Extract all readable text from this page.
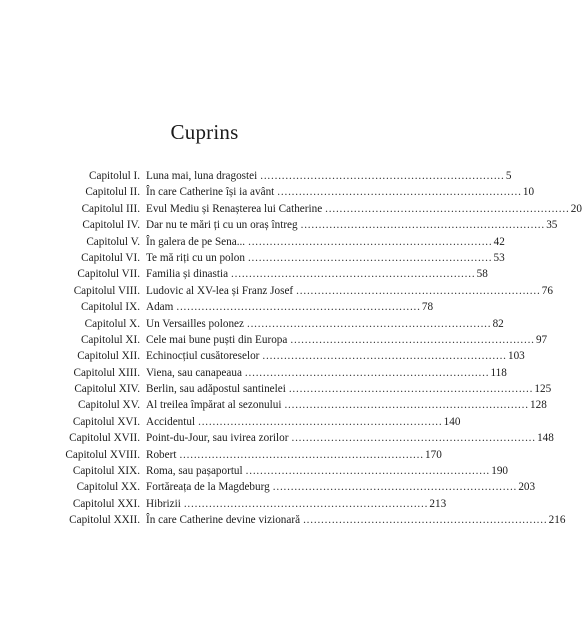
Cuprins
Capitolul I. Luna mai, luna dragostei . . .	5
Capitolul II. În care Catherine își ia avânt . . .	10
Capitolul III. Evul Mediu și Renașterea lui Catherine . . .	20
Capitolul IV. Dar nu te mări ți cu un oraș întreg . . .	35
Capitolul V. În galera de pe Sena... . . .	42
Capitolul VI. Te mă riți cu un polon . . .	53
Capitolul VII. Familia și dinastia . . .	58
Capitolul VIII. Ludovic al XV-lea și Franz Josef . . .	76
Capitolul IX. Adam . . .	78
Capitolul X. Un Versailles polonez . . .	82
Capitolul XI. Cele mai bune puști din Europa . . .	97
Capitolul XII. Echinocțiul cusătoreselor . . .	103
Capitolul XIII. Viena, sau canapeaua . . .	118
Capitolul XIV. Berlin, sau adăpostul santinelei . . .	125
Capitolul XV. Al treilea împărat al sezonului . . .	128
Capitolul XVI. Accidentul . . .	140
Capitolul XVII. Point-du-Jour, sau ivirea zorilor . . .	148
Capitolul XVIII. Robert . . .	170
Capitolul XIX. Roma, sau pașaportul . . .	190
Capitolul XX. Fortăreața de la Magdeburg . . .	203
Capitolul XXI. Hibrizii . . .	213
Capitolul XXII. În care Catherine devine vizionară . . .	216
